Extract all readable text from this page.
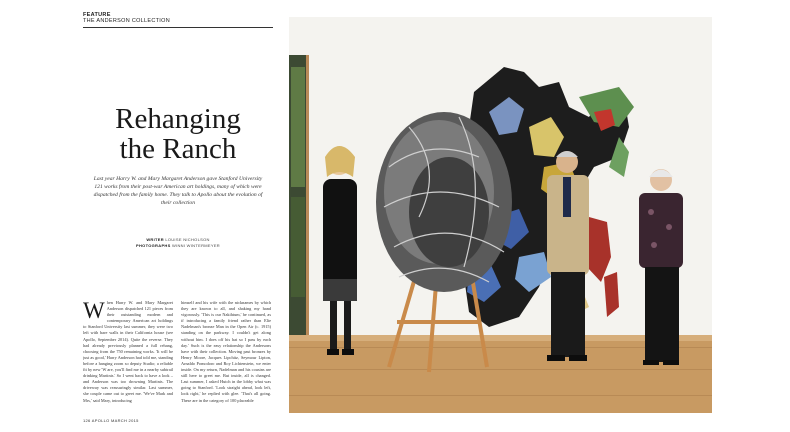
FEATURE
THE ANDERSON COLLECTION
Rehanging
the Ranch
Last year Harry W. and Mary Margaret Anderson gave Stanford University 121 works from their post-war American art holdings, many of which were dispatched from the family home. They talk to Apollo about the evolution of their collection
WRITER LOUISE NICHOLSON
PHOTOGRAPHS WINNI WINTERMEYER
When Harry W. and Mary Margaret Anderson dispatched 121 pieces from their outstanding modern and contemporary American art holdings to Stanford University last summer, they were two left with bare walls in their California house (see Apollo, September 2014). Quite the reverse. They had already previously planned a full rehang, choosing from the 750 remaining works. 'It will be just as good,' Harry Anderson had told me, standing before a hanging zoom so deputy Studio; a reliable fit by new 'W are, you'll find me in a nearby subtrail drinking Martinis.' So I went back to have a look – and Anderson was too drowning Martinis. The driveway was reassuringly similar. Last summer, she couple came out to greet me. 'We've Mark and Mrs,' said Mary, introducing
himself and his wife with the nicknames by which they are known to all, and shaking my hand vigorously. 'This is our Nakihtum,' he continued, as if introducing a family friend rather than Elie Nadelman's bronze Man in the Open Air (c. 1915) standing on the parkway. I couldn't get along without him. I does off his hat so I pass by each day.' Such is the easy relationship the Andersons have with their collection. Moving past bronzes by Henry Moore, Jacques Lipchitz, Seymour Lipton, Arnaldo Pomodoro and Roy Lichtenstein, we enter inside. On my return, Nadelman and his cousins are still here to greet me. But inside, all is changed. Last summer, I asked Hutch in the lobby what was going to Stanford. 'Look straight ahead, look left, look right,' he replied with glee. 'That's all going. These are in the category of 100 placeable
126 APOLLO MARCH 2015
